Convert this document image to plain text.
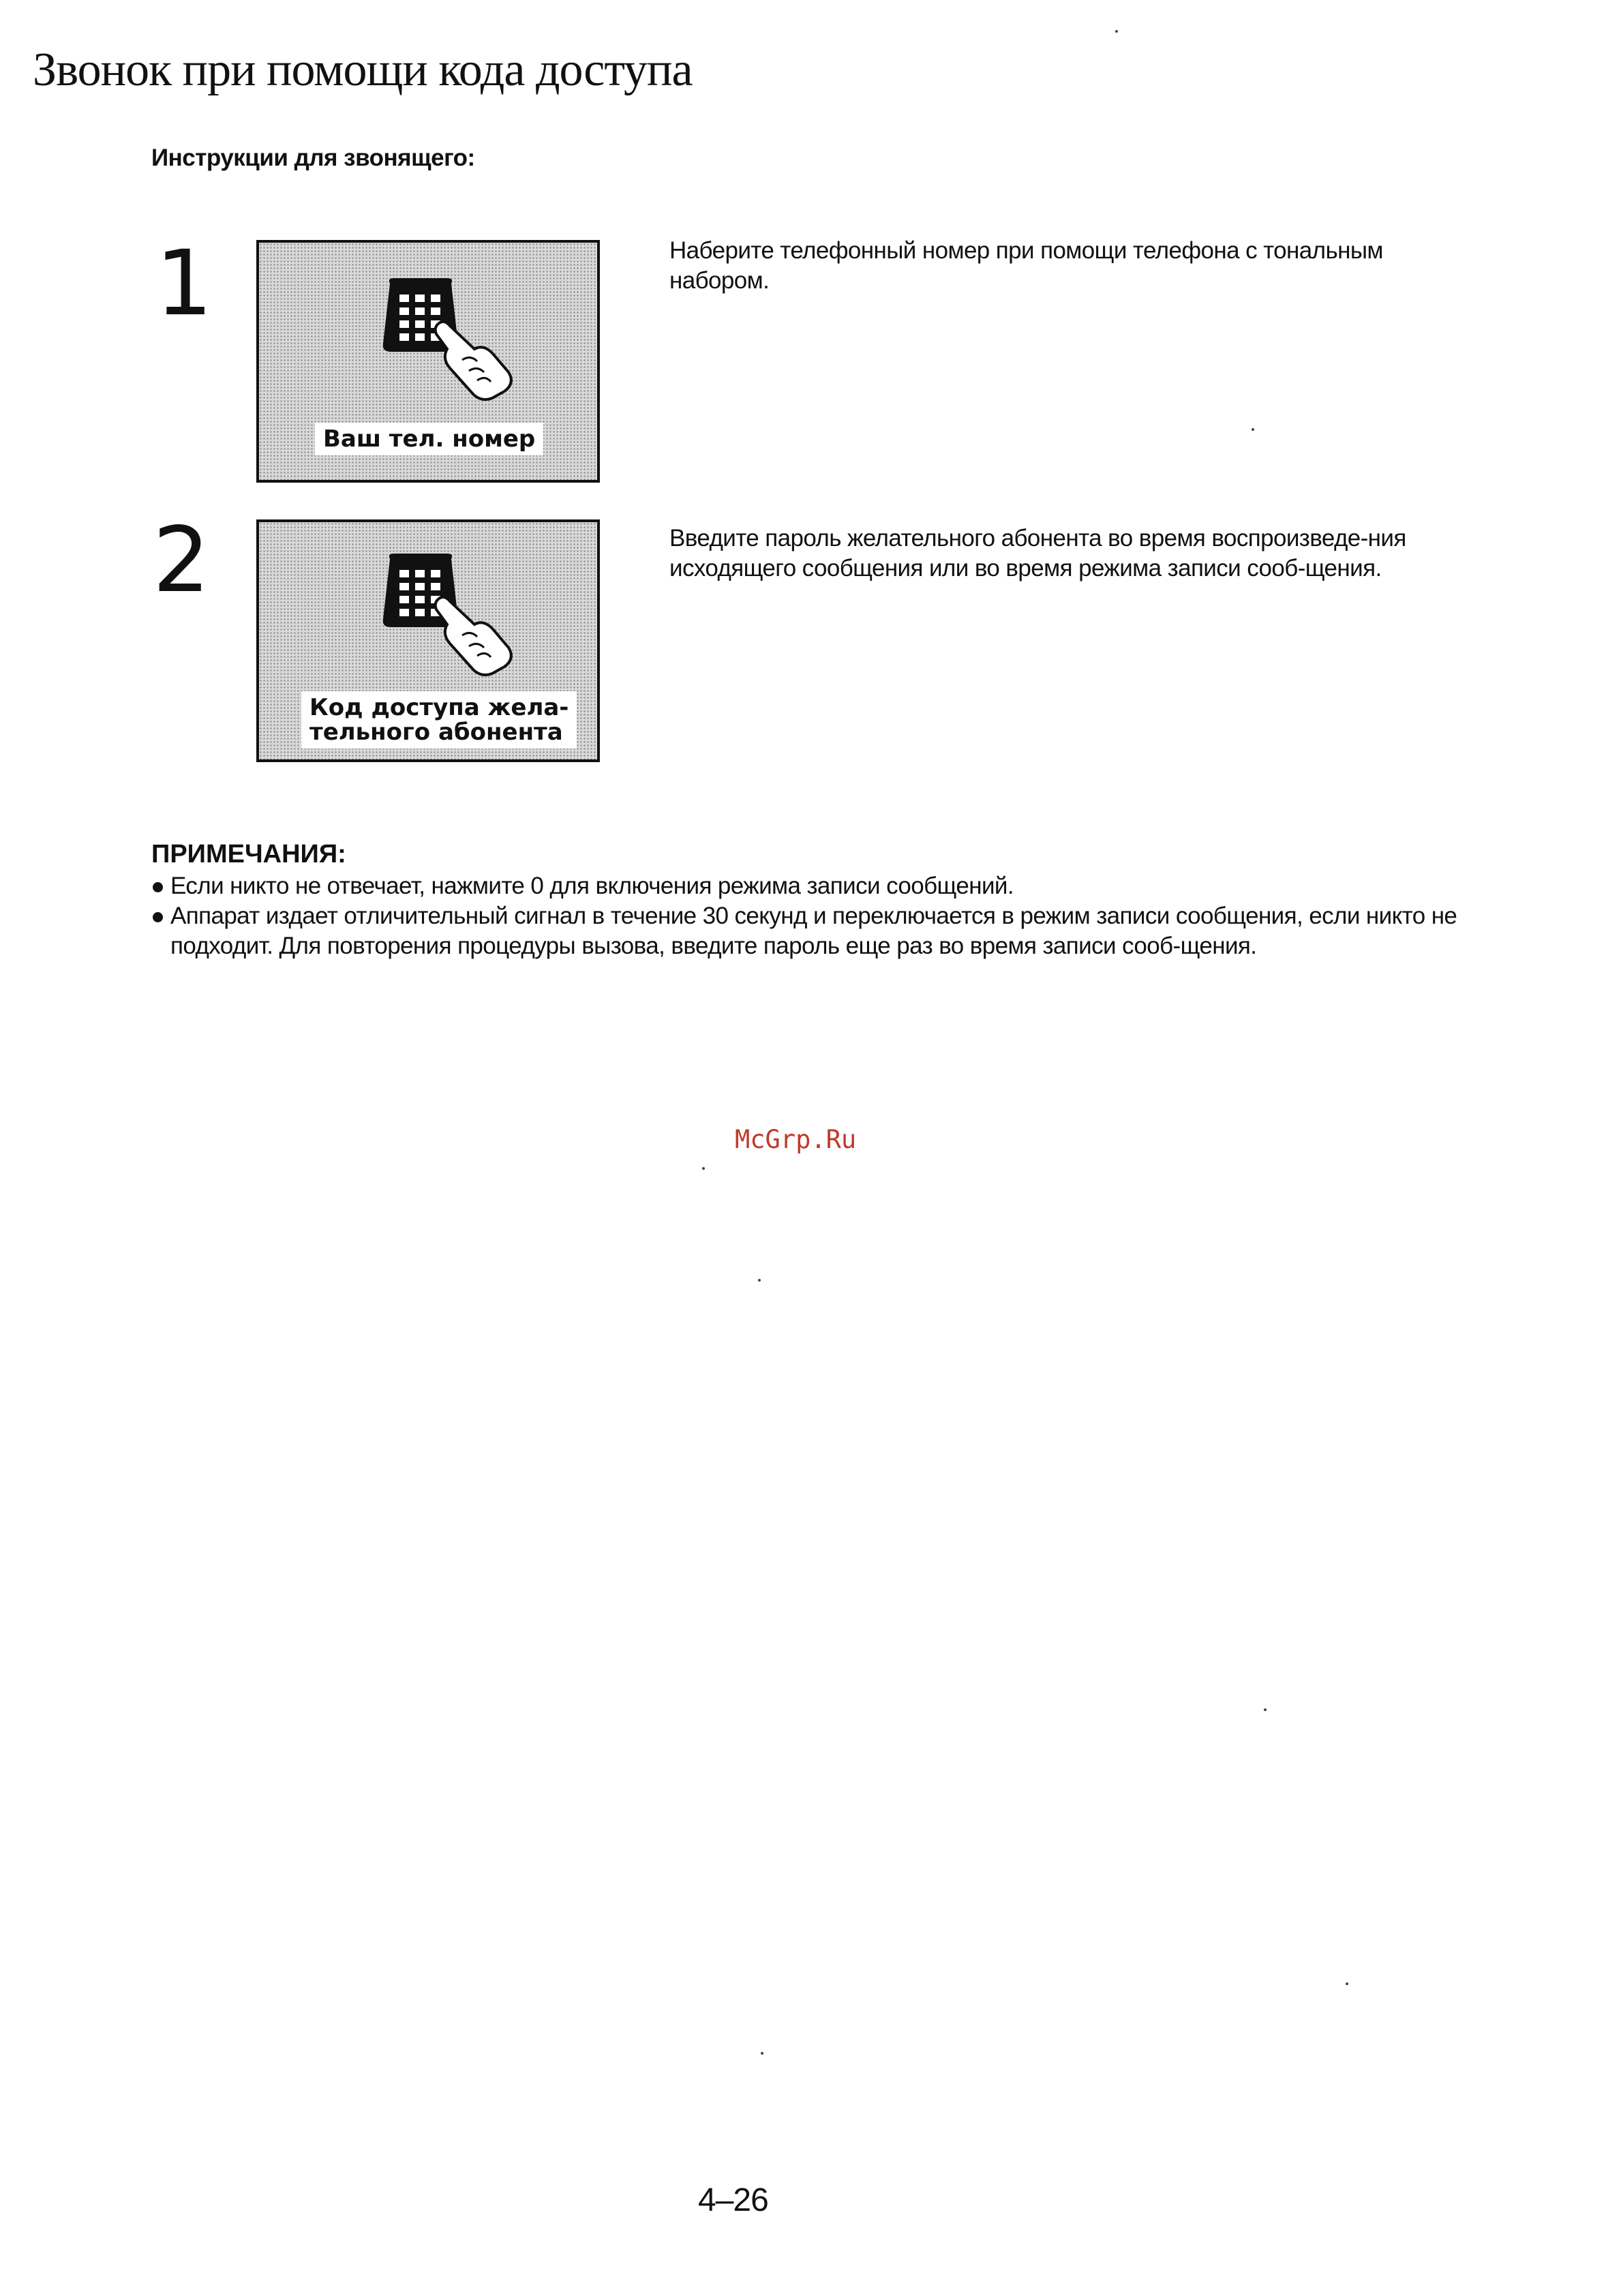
Звонок при помощи кода доступа
Инструкции для звонящего:
1
Ваш тел. номер
Наберите телефонный номер при помощи телефона с тональным набором.
2
Код доступа жела-
тельного абонента
Введите пароль желательного абонента во время воспроизведе-ния исходящего сообщения или во время режима записи сооб-щения.
ПРИМЕЧАНИЯ:
Если никто не отвечает, нажмите 0 для включения режима записи сообщений.
Аппарат издает отличительный сигнал в течение 30 секунд и переключается в режим записи сообщения, если никто не подходит. Для повторения процедуры вызова, введите пароль еще раз во время записи сооб-щения.
McGrp.Ru
4–26
